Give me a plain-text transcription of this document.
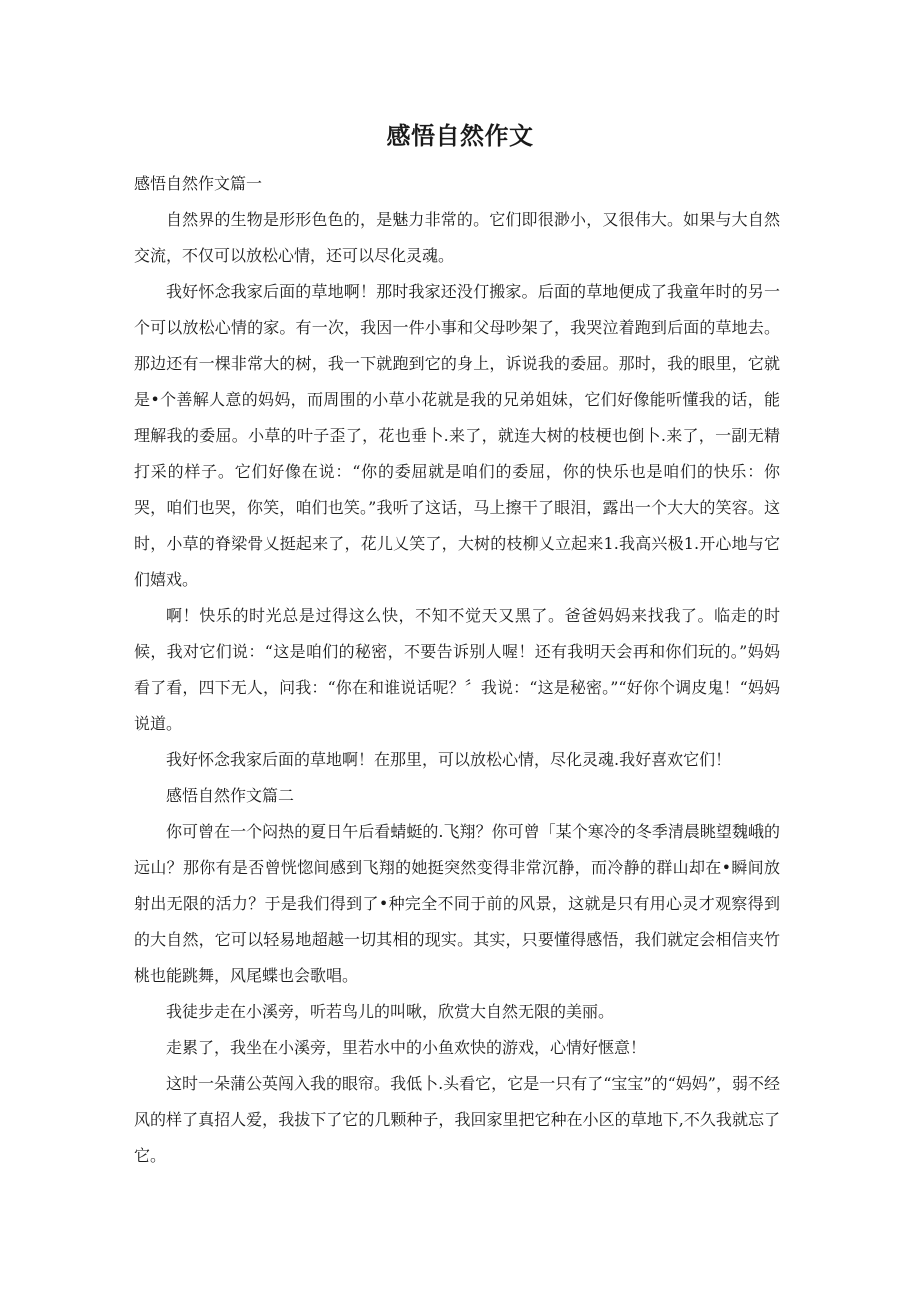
感悟自然作文

感悟自然作文篇一

自然界的生物是形形色色的，是魅力非常的。它们即很渺小，又很伟大。如果与大自然交流，不仅可以放松心情，还可以尽化灵魂。

我好怀念我家后面的草地啊！那时我家还没仃搬家。后面的草地便成了我童年时的另一个可以放松心情的家。有一次，我因一件小事和父母吵架了，我哭泣着跑到后面的草地去。那边还有一棵非常大的树，我一下就跑到它的身上，诉说我的委屈。那时，我的眼里，它就是•个善解人意的妈妈，而周围的小草小花就是我的兄弟姐妹，它们好像能听懂我的话，能理解我的委屈。小草的叶子歪了，花也垂卜.来了，就连大树的枝梗也倒卜.来了，一副无精打采的样子。它们好像在说：“你的委屈就是咱们的委屈，你的快乐也是咱们的快乐：你哭，咱们也哭，你笑，咱们也笑。”我听了这话，马上擦干了眼泪，露出一个大大的笑容。这时，小草的脊梁骨乂挺起来了，花儿乂笑了，大树的枝柳乂立起来1.我高兴极1.开心地与它们嬉戏。

啊！快乐的时光总是过得这么快，不知不觉天又黑了。爸爸妈妈来找我了。临走的时候，我对它们说：“这是咱们的秘密，不要告诉别人喔！还有我明天会再和你们玩的。”妈妈看了看，四下无人，问我：“你在和谁说话呢？〞我说：“这是秘密。”“好你个调皮鬼！“妈妈说道。

我好怀念我家后面的草地啊！在那里，可以放松心情，尽化灵魂.我好喜欢它们！

感悟自然作文篇二

你可曾在一个闷热的夏日午后看蜻蜓的.飞翔？你可曾「某个寒冷的冬季清晨眺望魏峨的远山？那你有是否曾恍惚间感到飞翔的她挺突然变得非常沉静，而冷静的群山却在•瞬间放射出无限的活力？于是我们得到了•种完全不同于前的风景，这就是只有用心灵才观察得到的大自然，它可以轻易地超越一切其相的现实。其实，只要懂得感悟，我们就定会相信夹竹桃也能跳舞，风尾蝶也会歌唱。

我徒步走在小溪旁，听若鸟儿的叫啾，欣赏大自然无限的美丽。

走累了，我坐在小溪旁，里若水中的小鱼欢快的游戏，心情好惬意！

这时一朵蒲公英闯入我的眼帘。我低卜.头看它，它是一只有了“宝宝”的“妈妈”，弱不经风的样了真招人爱，我拔下了它的几颗种子，我回家里把它种在小区的草地下,不久我就忘了它。
